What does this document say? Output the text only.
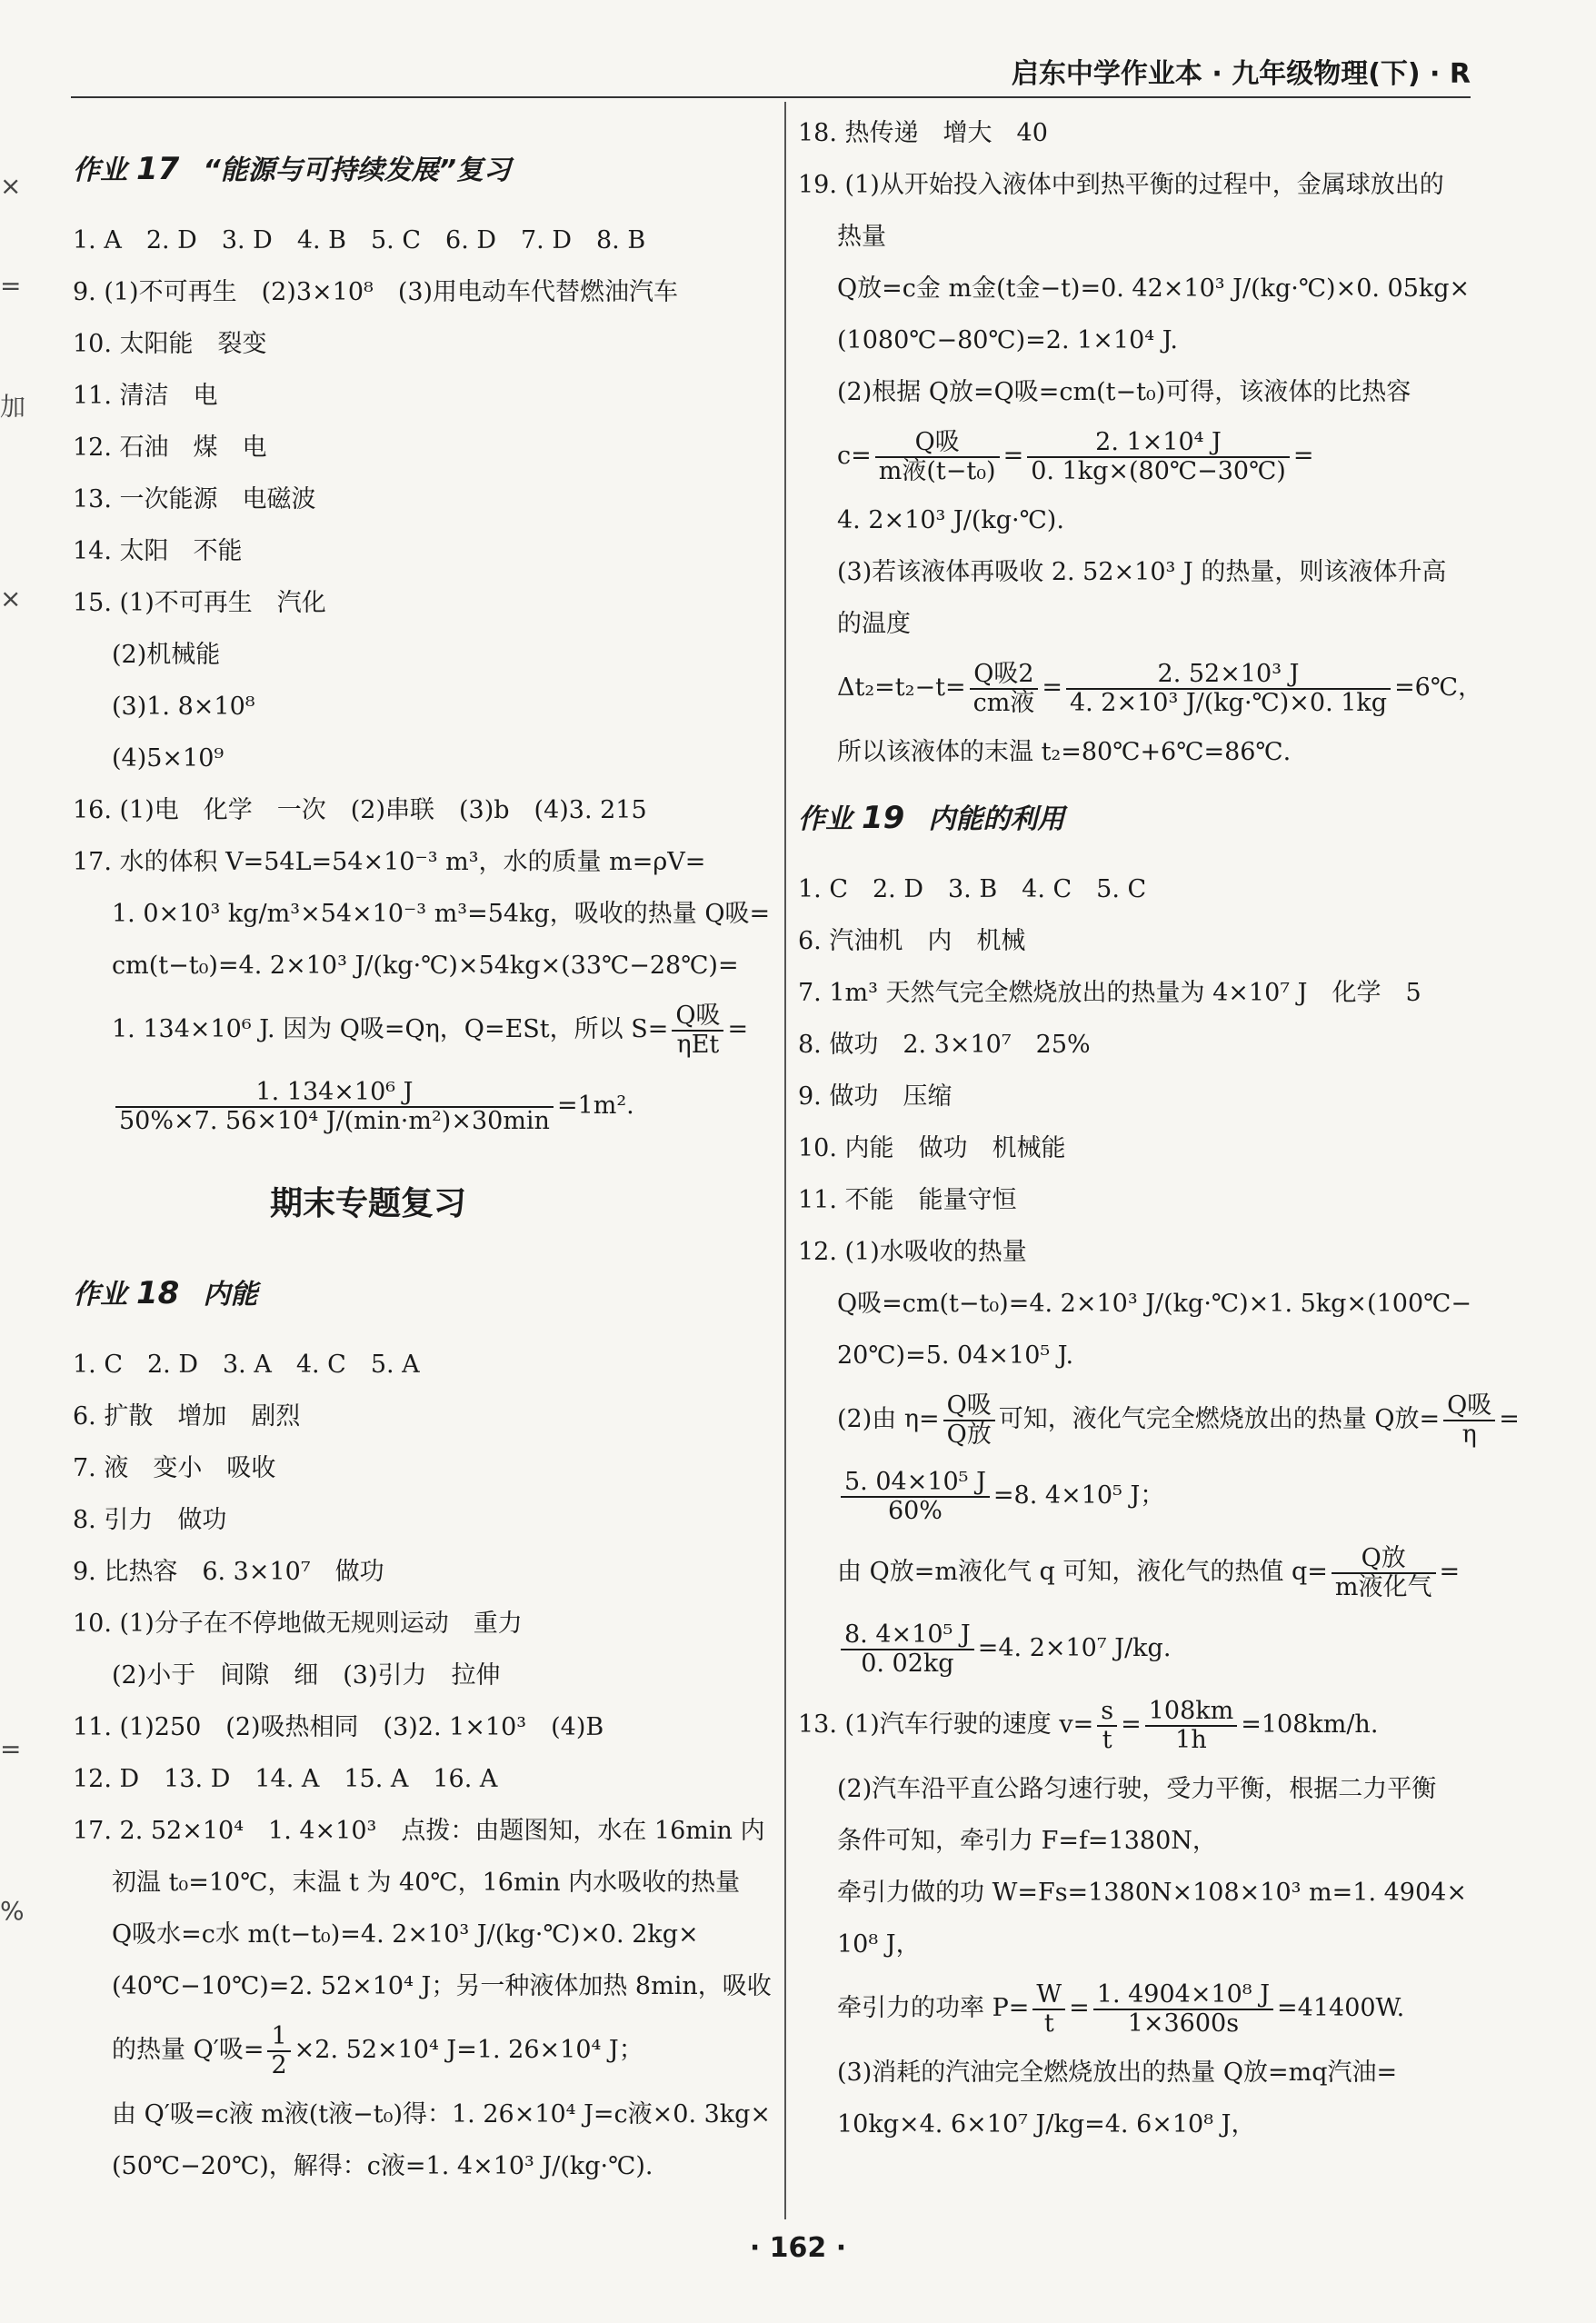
×
=
加
×
=
%
启东中学作业本 · 九年级物理(下) · R
作业 17 “能源与可持续发展”复习
1. A　2. D　3. D　4. B　5. C　6. D　7. D　8. B
9. (1)不可再生　(2)3×10⁸　(3)用电动车代替燃油汽车
10. 太阳能　裂变
11. 清洁　电
12. 石油　煤　电
13. 一次能源　电磁波
14. 太阳　不能
15. (1)不可再生　汽化
(2)机械能
(3)1. 8×10⁸
(4)5×10⁹
16. (1)电　化学　一次　(2)串联　(3)b　(4)3. 215
17. 水的体积 V=54L=54×10⁻³ m³，水的质量 m=ρV=
1. 0×10³ kg/m³×54×10⁻³ m³=54kg，吸收的热量 Q吸=
cm(t−t₀)=4. 2×10³ J/(kg·℃)×54kg×(33℃−28℃)=
1. 134×10⁶ J. 因为 Q吸=Qη，Q=ESt，所以 $S= \frac{\text{Q吸}}{\text{ηEt}}$ =
$\frac{\text{1. 134×10⁶ J}}{\text{50\%×7. 56×10⁴ J/(min·m²)×30min}} =1m^2$.
期末专题复习
作业 18 内能
1. C　2. D　3. A　4. C　5. A
6. 扩散　增加　剧烈
7. 液　变小　吸收
8. 引力　做功
9. 比热容　6. 3×10⁷　做功
10. (1)分子在不停地做无规则运动　重力
(2)小于　间隙　细　(3)引力　拉伸
11. (1)250　(2)吸热相同　(3)2. 1×10³　(4)B
12. D　13. D　14. A　15. A　16. A
17. 2. 52×10⁴　1. 4×10³　点拨：由题图知，水在 16min 内
初温 t₀=10℃，末温 t 为 40℃，16min 内水吸收的热量
Q吸水=c水 m(t−t₀)=4. 2×10³ J/(kg·℃)×0. 2kg×
(40℃−10℃)=2. 52×10⁴ J；另一种液体加热 8min，吸收
的热量 Q′吸= $\frac{1}{2} \times 2$. 52×10⁴ J=1. 26×10⁴ J；
由 Q′吸=c液 m液(t液−t₀)得：1. 26×10⁴ J=c液×0. 3kg×
(50℃−20℃)，解得：c液=1. 4×10³ J/(kg·℃).
18. 热传递　增大　40
19. (1)从开始投入液体中到热平衡的过程中，金属球放出的
热量
Q放=c金 m金(t金−t)=0. 42×10³ J/(kg·℃)×0. 05kg×
(1080℃−80℃)=2. 1×10⁴ J.
(2)根据 Q放=Q吸=cm(t−t₀)可得，该液体的比热容
$c= \frac{\text{Q吸}}{\text{m液(t−t₀)}} = \frac{\text{2. 1×10⁴ J}}{0. 1kg\times(80℃-30℃)}$ =
4. 2×10³ J/(kg·℃).
(3)若该液体再吸收 2. 52×10³ J 的热量，则该液体升高
的温度
$\Delta t_2=t_2-t= \frac{\text{Q吸2}}{\text{cm液}} = \frac{\text{2. 52×10³ J}}{\text{4. 2×10³ J/(kg·℃)×0. 1kg}}$ =6℃，
所以该液体的末温 t₂=80℃+6℃=86℃.
作业 19 内能的利用
1. C　2. D　3. B　4. C　5. C
6. 汽油机　内　机械
7. 1m³ 天然气完全燃烧放出的热量为 4×10⁷ J　化学　5
8. 做功　2. 3×10⁷　25%
9. 做功　压缩
10. 内能　做功　机械能
11. 不能　能量守恒
12. (1)水吸收的热量
Q吸=cm(t−t₀)=4. 2×10³ J/(kg·℃)×1. 5kg×(100℃−
20℃)=5. 04×10⁵ J.
(2)由 $\eta= \frac{\text{Q吸}}{\text{Q放}}$ 可知，液化气完全燃烧放出的热量 Q放= $\frac{\text{Q吸}}{\eta}$ =
$\frac{\text{5. 04×10⁵ J}}{60\%} =8$. 4×10⁵ J；
由 Q放=m液化气 q 可知，液化气的热值 $q= \frac{\text{Q放}}{\text{m液化气}}$ =
$\frac{\text{8. 4×10⁵ J}}{0. 02kg} =4$. 2×10⁷ J/kg.
13. (1)汽车行驶的速度 $v= \frac{s}{t} = \frac{108km}{1h} =108km/h$.
(2)汽车沿平直公路匀速行驶，受力平衡，根据二力平衡
条件可知，牵引力 F=f=1380N，
牵引力做的功 W=Fs=1380N×108×10³ m=1. 4904×
10⁸ J，
牵引力的功率 $P= \frac{W}{t} = \frac{\text{1. 4904×10⁸ J}}{1\times 3600s} =41400W$.
(3)消耗的汽油完全燃烧放出的热量 Q放=mq汽油=
10kg×4. 6×10⁷ J/kg=4. 6×10⁸ J，
· 162 ·
